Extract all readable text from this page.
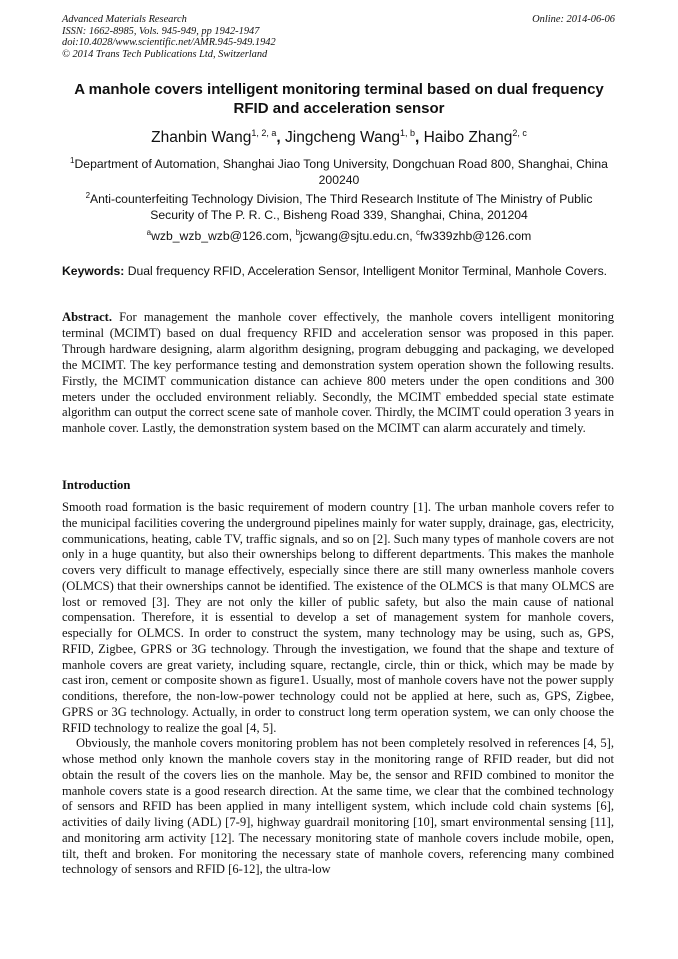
Advanced Materials Research
ISSN: 1662-8985, Vols. 945-949, pp 1942-1947
doi:10.4028/www.scientific.net/AMR.945-949.1942
© 2014 Trans Tech Publications Ltd, Switzerland
Online: 2014-06-06
A manhole covers intelligent monitoring terminal based on dual frequency RFID and acceleration sensor
Zhanbin Wang$^{1, 2, a}$, Jingcheng Wang$^{1, b}$, Haibo Zhang$^{2, c}$
$^1$Department of Automation, Shanghai Jiao Tong University, Dongchuan Road 800, Shanghai, China 200240
$^2$Anti-counterfeiting Technology Division, The Third Research Institute of The Ministry of Public Security of The P. R. C., Bisheng Road 339, Shanghai, China, 201204
$^a$wzb_wzb_wzb@126.com, $^b$jcwang@sjtu.edu.cn, $^c$fw339zhb@126.com
Keywords: Dual frequency RFID, Acceleration Sensor, Intelligent Monitor Terminal, Manhole Covers.
Abstract. For management the manhole cover effectively, the manhole covers intelligent monitoring terminal (MCIMT) based on dual frequency RFID and acceleration sensor was proposed in this paper. Through hardware designing, alarm algorithm designing, program debugging and packaging, we developed the MCIMT. The key performance testing and demonstration system operation shown the following results. Firstly, the MCIMT communication distance can achieve 800 meters under the open conditions and 300 meters under the occluded environment reliably. Secondly, the MCIMT embedded special state estimate algorithm can output the correct scene sate of manhole cover. Thirdly, the MCIMT could operation 3 years in manhole cover. Lastly, the demonstration system based on the MCIMT can alarm accurately and timely.
Introduction

Smooth road formation is the basic requirement of modern country [1]. The urban manhole covers refer to the municipal facilities covering the underground pipelines mainly for water supply, drainage, gas, electricity, communications, heating, cable TV, traffic signals, and so on [2]. Such many types of manhole covers are not only in a huge quantity, but also their ownerships belong to different departments. This makes the manhole covers very difficult to manage effectively, especially since there are still many ownerless manhole covers (OLMCS) that their ownerships cannot be identified. The existence of the OLMCS is that many OLMCS are lost or removed [3]. They are not only the killer of public safety, but also the main cause of national compensation. Therefore, it is essential to develop a set of management system for manhole covers, especially for OLMCS. In order to construct the system, many technology may be using, such as, GPS, RFID, Zigbee, GPRS or 3G technology. Through the investigation, we found that the shape and texture of manhole covers are great variety, including square, rectangle, circle, thin or thick, which may be made by cast iron, cement or composite shown as figure1. Usually, most of manhole covers have not the power supply conditions, therefore, the non-low-power technology could not be applied at here, such as, GPS, Zigbee, GPRS or 3G technology. Actually, in order to construct long term operation system, we can only choose the RFID technology to realize the goal [4, 5].

Obviously, the manhole covers monitoring problem has not been completely resolved in references [4, 5], whose method only known the manhole covers stay in the monitoring range of RFID reader, but did not obtain the result of the covers lies on the manhole. May be, the sensor and RFID combined to monitor the manhole covers state is a good research direction. At the same time, we clear that the combined technology of sensors and RFID has been applied in many intelligent system, which include cold chain systems [6], activities of daily living (ADL) [7-9], highway guardrail monitoring [10], smart environmental sensing [11], and monitoring arm activity [12]. The necessary monitoring state of manhole covers include mobile, open, tilt, theft and broken. For monitoring the necessary state of manhole covers, referencing many combined technology of sensors and RFID [6-12], the ultra-low
